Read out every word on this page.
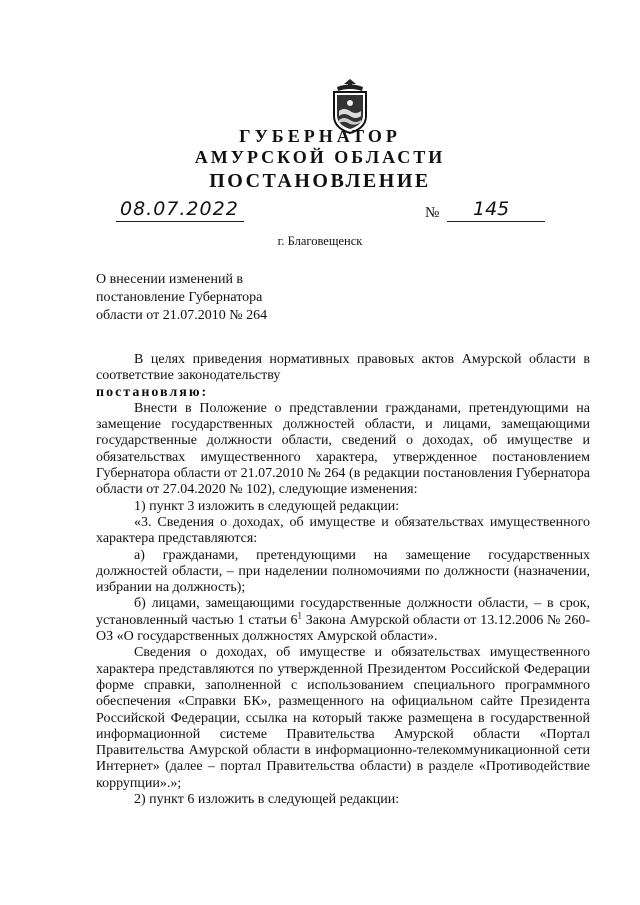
ГУБЕРНАТОР
АМУРСКОЙ ОБЛАСТИ
ПОСТАНОВЛЕНИЕ
08.07.2022	№ 145
г. Благовещенск
О внесении изменений в
постановление Губернатора
области от 21.07.2010 № 264

В целях приведения нормативных правовых актов Амурской области в соответствие законодательству

постановляю:

Внести в Положение о представлении гражданами, претендующими на замещение государственных должностей области, и лицами, замещающими государственные должности области, сведений о доходах, об имуществе и обязательствах имущественного характера, утвержденное постановлением Губернатора области от 21.07.2010 № 264 (в редакции постановления Губернатора области от 27.04.2020 № 102), следующие изменения:

1) пункт 3 изложить в следующей редакции:

«3. Сведения о доходах, об имуществе и обязательствах имущественного характера представляются:

а) гражданами, претендующими на замещение государственных должностей области, – при наделении полномочиями по должности (назначении, избрании на должность);

б) лицами, замещающими государственные должности области, – в срок, установленный частью 1 статьи $6^1$ Закона Амурской области от 13.12.2006 № 260-ОЗ «О государственных должностях Амурской области».

Сведения о доходах, об имуществе и обязательствах имущественного характера представляются по утвержденной Президентом Российской Федерации форме справки, заполненной с использованием специального программного обеспечения «Справки БК», размещенного на официальном сайте Президента Российской Федерации, ссылка на который также размещена в государственной информационной системе Правительства Амурской области «Портал Правительства Амурской области в информационно-телекоммуникационной сети Интернет» (далее – портал Правительства области) в разделе «Противодействие коррупции».»;

2) пункт 6 изложить в следующей редакции:
